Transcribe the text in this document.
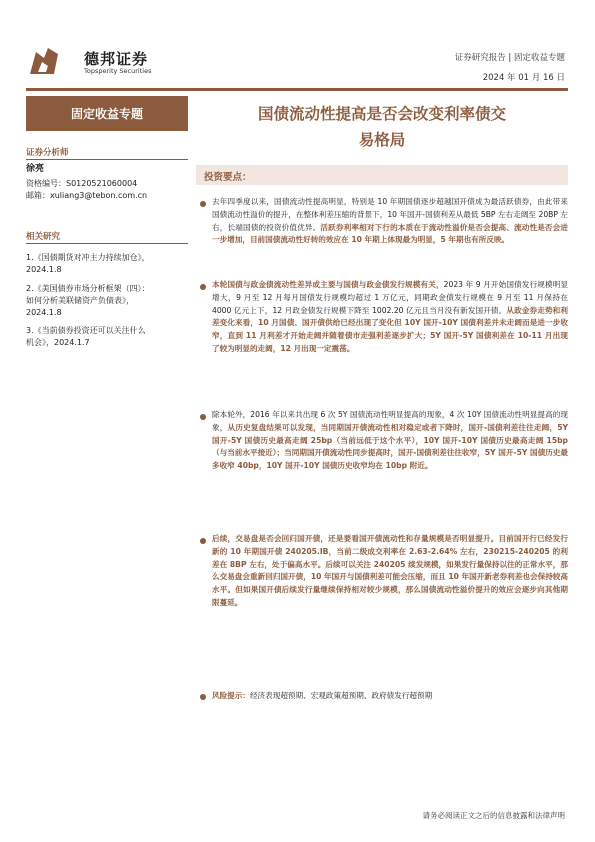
德邦证券
Topsperity Securities
证券研究报告 | 固定收益专题
2024 年 01 月 16 日
固定收益专题
证券分析师
徐亮
资格编号：S0120521060004
邮箱：xuliang3@tebon.com.cn
相关研究
1.《国债期货对冲主力持续加仓》，
2024.1.8
2.《美国债券市场分析框架（四）：
如何分析美联储资产负债表》，
2024.1.8
3.《当前债券投资还可以关注什么
机会》，2024.1.7
国债流动性提高是否会改变利率债交
易格局
投资要点：
去年四季度以来，国债流动性提高明显，特别是 10 年期国债逐步超越国开债成为最活跃债券，由此带来国债流动性溢价的提升，在整体利差压缩的背景下，10 年国开-国债利差从最低 5BP 左右走阔至 20BP 左右，长端国债的投资价值优异。活跃券利率相对下行的本质在于流动性溢价是否会提高、流动性是否会进一步增加，目前国债流动性好转的效应在 10 年期上体现最为明显，5 年期也有所反映。
本轮国债与政金债流动性差异或主要与国债与政金债发行规模有关，2023 年 9 月开始国债发行规模明显增大，9 月至 12 月每月国债发行规模均超过 1 万亿元，同期政金债发行规模在 9 月至 11 月保持在 4000 亿元上下，12 月政金债发行规模下降至 1002.20 亿元且当月没有新发国开债。从政金券走势和利差变化来看，10 月国债、国开债供给已经出现了变化但 10Y 国开-10Y 国债利差并未走阔而是进一步收窄，直到 11 月利差才开始走阔并随着债市走强利差逐步扩大；5Y 国开-5Y 国债利差在 10-11 月出现了较为明显的走阔，12 月出现一定震荡。
除本轮外，2016 年以来共出现 6 次 5Y 国债流动性明显提高的现象，4 次 10Y 国债流动性明显提高的现象，从历史复盘结果可以发现，当同期国开债流动性相对稳定或者下降时，国开-国债利差往往走阔，5Y 国开-5Y 国债历史最高走阔 25bp（当前远低于这个水平），10Y 国开-10Y 国债历史最高走阔 15bp（与当前水平接近）；当同期国开债流动性同步提高时，国开-国债利差往往收窄，5Y 国开-5Y 国债历史最多收窄 40bp，10Y 国开-10Y 国债历史收窄均在 10bp 附近。
后续，交易盘是否会回归国开债，还是要看国开债流动性和存量规模是否明显提升。目前国开行已经发行新的 10 年期国开债 240205.IB，当前二级成交利率在 2.63-2.64% 左右，230215-240205 的利差在 8BP 左右，处于偏高水平。后续可以关注 240205 续发规模，如果发行量保持以往的正常水平，那么交易盘会重新回归国开债，10 年国开与国债利差可能会压缩，而且 10 年国开新老券利差也会保持较高水平。但如果国开债后续发行量继续保持相对较少规模，那么国债流动性溢价提升的效应会逐步向其他期限蔓延。
风险提示：经济表现超预期、宏观政策超预期、政府债发行超预期
请务必阅读正文之后的信息披露和法律声明
